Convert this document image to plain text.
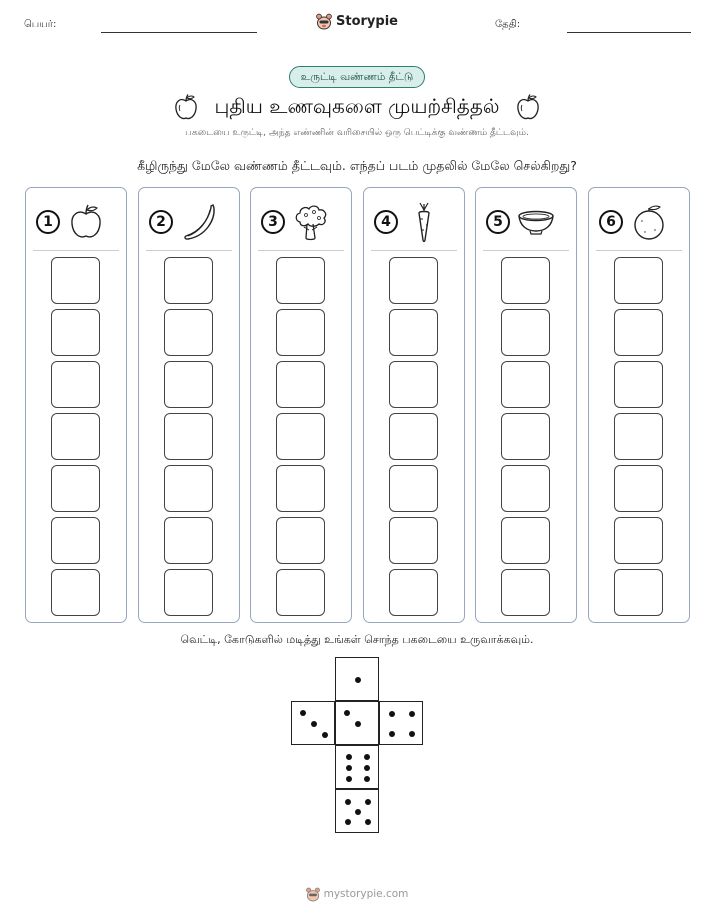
பெயர்:	Storypie	தேதி:
உருட்டி வண்ணம் தீட்டு
புதிய உணவுகளை முயற்சித்தல்
பகடையை உருட்டி, அந்த எண்ணின் வரிசையில் ஒரு பெட்டிக்கு வண்ணம் தீட்டவும்.
கீழிருந்து மேலே வண்ணம் தீட்டவும். எந்தப் படம் முதலில் மேலே செல்கிறது?
1	2	3	4	5	6
வெட்டி, கோடுகளில் மடித்து உங்கள் சொந்த பகடையை உருவாக்கவும்.
mystorypie.com
